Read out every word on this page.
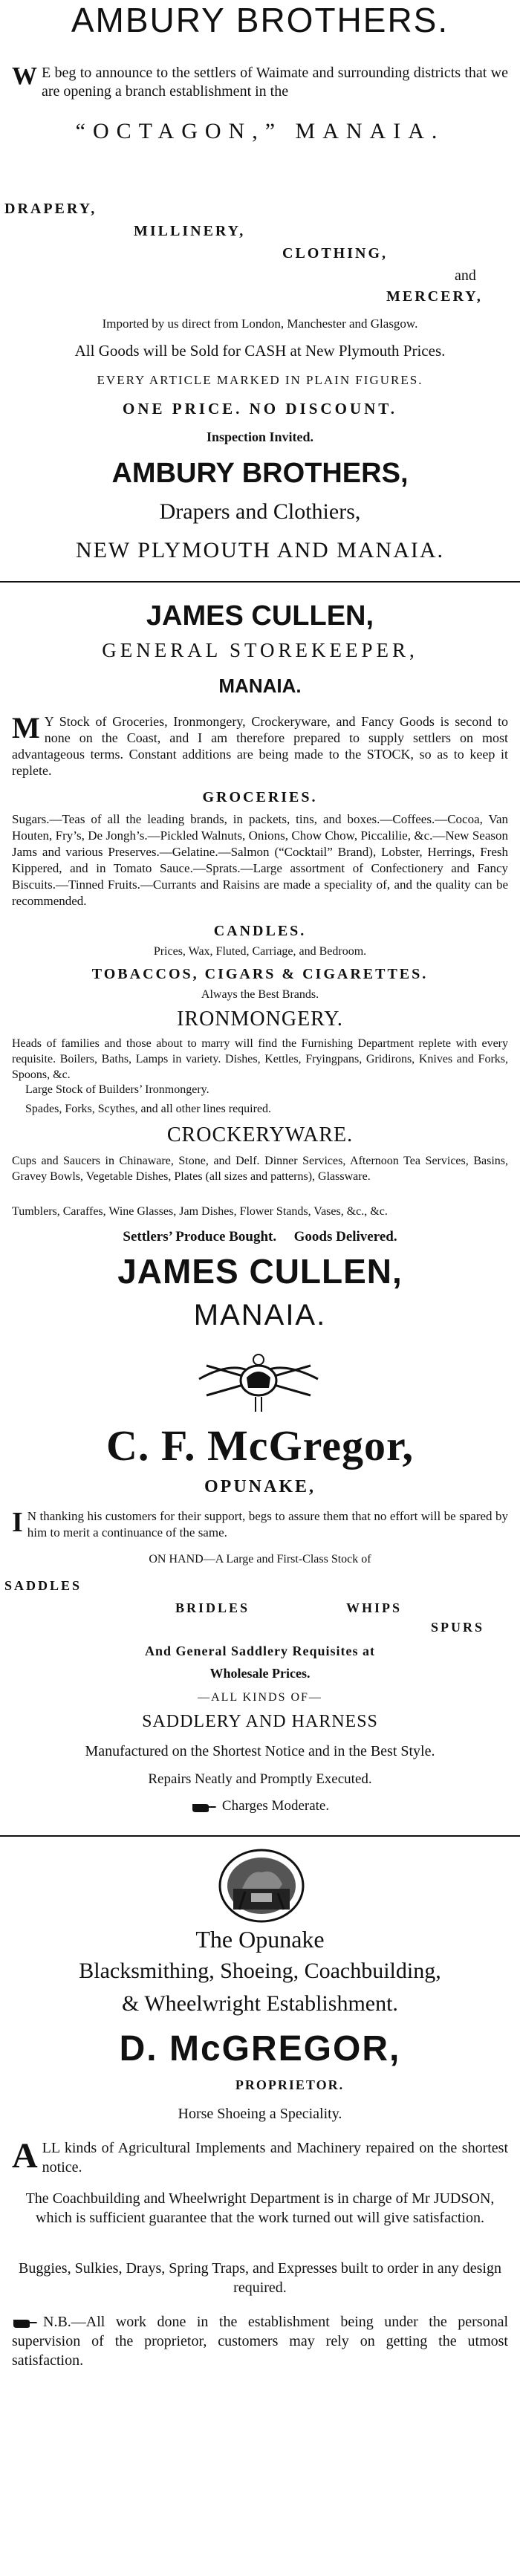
AMBURY BROTHERS.
W E beg to announce to the settlers of Waimate and surrounding districts that we are opening a branch establishment in the
“OCTAGON,” MANAIA.
DRAPERY,
MILLINERY,
CLOTHING,
and
MERCERY,
Imported by us direct from London, Manchester and Glasgow.
All Goods will be Sold for CASH at New Plymouth Prices.
EVERY ARTICLE MARKED IN PLAIN FIGURES.
ONE PRICE. NO DISCOUNT.
Inspection Invited.
AMBURY BROTHERS,
Drapers and Clothiers,
NEW PLYMOUTH AND MANAIA.
JAMES CULLEN,
GENERAL STOREKEEPER,
MANAIA.
M Y Stock of Groceries, Ironmongery, Crockeryware, and Fancy Goods is second to none on the Coast, and I am therefore prepared to supply settlers on most advantageous terms. Constant additions are being made to the STOCK, so as to keep it replete.
GROCERIES.
Sugars.—Teas of all the leading brands, in packets, tins, and boxes.—Coffees.—Cocoa, Van Houten, Fry’s, De Jongh’s.—Pickled Walnuts, Onions, Chow Chow, Piccalilie, &c.—New Season Jams and various Preserves.—Gelatine.—Salmon (“Cocktail” Brand), Lobster, Herrings, Fresh Kippered, and in Tomato Sauce.—Sprats.—Large assortment of Confectionery and Fancy Biscuits.—Tinned Fruits.—Currants and Raisins are made a speciality of, and the quality can be recommended.
CANDLES.
Prices, Wax, Fluted, Carriage, and Bedroom.
TOBACCOS, CIGARS & CIGARETTES.
Always the Best Brands.
IRONMONGERY.
Heads of families and those about to marry will find the Furnishing Department replete with every requisite. Boilers, Baths, Lamps in variety. Dishes, Kettles, Fryingpans, Gridirons, Knives and Forks, Spoons, &c.
Large Stock of Builders’ Ironmongery.
Spades, Forks, Scythes, and all other lines required.
CROCKERYWARE.
Cups and Saucers in Chinaware, Stone, and Delf. Dinner Services, Afternoon Tea Services, Basins, Gravey Bowls, Vegetable Dishes, Plates (all sizes and patterns), Glassware.
Tumblers, Caraffes, Wine Glasses, Jam Dishes, Flower Stands, Vases, &c., &c.
Settlers’ Produce Bought. Goods Delivered.
JAMES CULLEN,
MANAIA.
C. F. McGregor,
OPUNAKE,
I N thanking his customers for their support, begs to assure them that no effort will be spared by him to merit a continuance of the same.
ON HAND—A Large and First-Class Stock of
SADDLES
BRIDLES	WHIPS
SPURS
And General Saddlery Requisites at
Wholesale Prices.
—ALL KINDS OF—
SADDLERY AND HARNESS
Manufactured on the Shortest Notice and in the Best Style.
Repairs Neatly and Promptly Executed.
Charges Moderate.
The Opunake
Blacksmithing, Shoeing, Coachbuilding,
& Wheelwright Establishment.
D. McGREGOR,
PROPRIETOR.
Horse Shoeing a Speciality.
ALL kinds of Agricultural Implements and Machinery repaired on the shortest notice.
The Coachbuilding and Wheelwright Department is in charge of Mr JUDSON, which is sufficient guarantee that the work turned out will give satisfaction.
Buggies, Sulkies, Drays, Spring Traps, and Expresses built to order in any design required.
N.B.—All work done in the establishment being under the personal supervision of the proprietor, customers may rely on getting the utmost satisfaction.
